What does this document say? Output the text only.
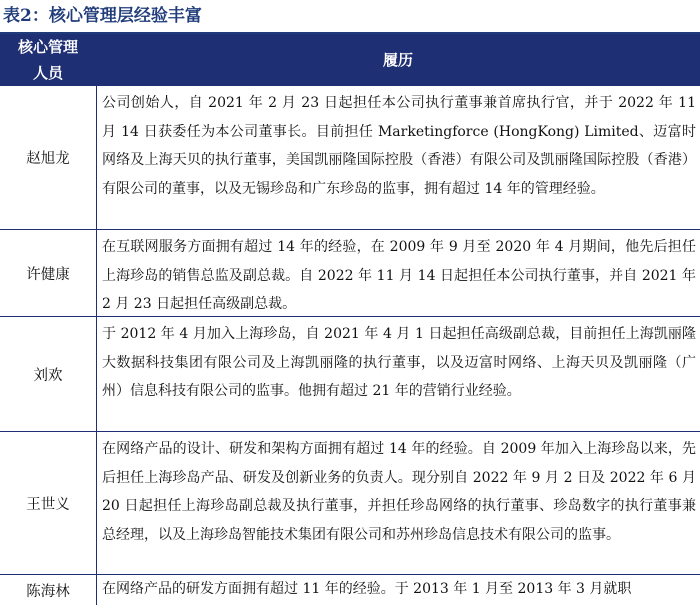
表2：核心管理层经验丰富
核心管理人员
履历
赵旭龙
公司创始人，自 2021 年 2 月 23 日起担任本公司执行董事兼首席执行官，并于 2022 年 11 月 14 日获委任为本公司董事长。目前担任 Marketingforce (HongKong) Limited、迈富时网络及上海天贝的执行董事，美国凯丽隆国际控股（香港）有限公司及凯丽隆国际控股（香港）有限公司的董事，以及无锡珍岛和广东珍岛的监事，拥有超过 14 年的管理经验。
许健康
在互联网服务方面拥有超过 14 年的经验，在 2009 年 9 月至 2020 年 4 月期间，他先后担任上海珍岛的销售总监及副总裁。自 2022 年 11 月 14 日起担任本公司执行董事，并自 2021 年 2 月 23 日起担任高级副总裁。
刘欢
于 2012 年 4 月加入上海珍岛，自 2021 年 4 月 1 日起担任高级副总裁，目前担任上海凯丽隆大数据科技集团有限公司及上海凯丽隆的执行董事，以及迈富时网络、上海天贝及凯丽隆（广州）信息科技有限公司的监事。他拥有超过 21 年的营销行业经验。
王世义
在网络产品的设计、研发和架构方面拥有超过 14 年的经验。自 2009 年加入上海珍岛以来，先后担任上海珍岛产品、研发及创新业务的负责人。现分别自 2022 年 9 月 2 日及 2022 年 6 月 20 日起担任上海珍岛副总裁及执行董事，并担任珍岛网络的执行董事、珍岛数字的执行董事兼总经理，以及上海珍岛智能技术集团有限公司和苏州珍岛信息技术有限公司的监事。
陈海林	在网络产品的研发方面拥有超过 11 年的经验。于 2013 年 1 月至 2013 年 3 月就职
